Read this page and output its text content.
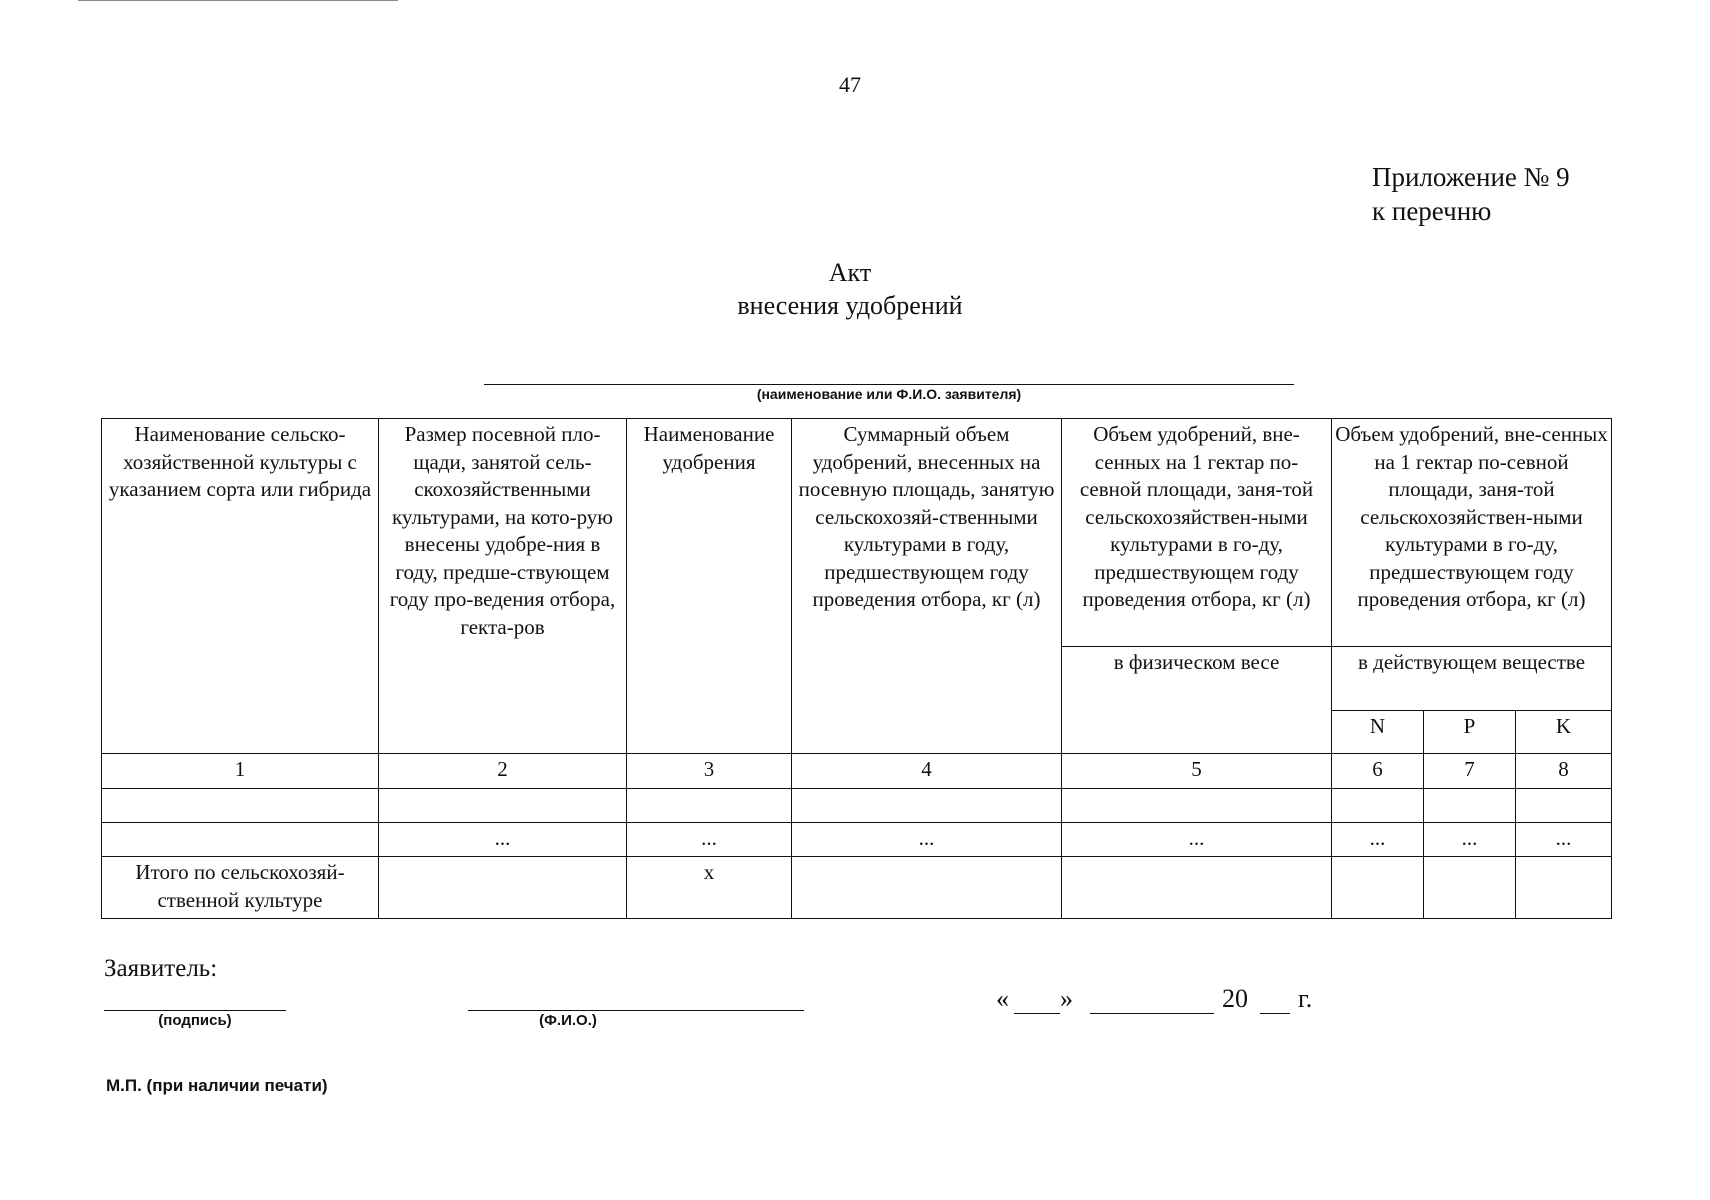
47
Приложение № 9
к перечню
Акт
внесения удобрений
(наименование или Ф.И.О. заявителя)
Наименование сельско-хозяйственной культуры с указанием сорта или гибрида	Размер посевной пло-щади, занятой сель-скохозяйственными культурами, на кото-рую внесены удобре-ния в году, предше-ствующем году про-ведения отбора, гекта-ров	Наименование удобрения	Суммарный объем удобрений, внесенных на посевную площадь, занятую сельскохозяй-ственными культурами в году, предшествующем году проведения отбора, кг (л)	Объем удобрений, вне-сенных на 1 гектар по-севной площади, заня-той сельскохозяйствен-ными культурами в го-ду, предшествующем году проведения отбора, кг (л)	Объем удобрений, вне-сенных на 1 гектар по-севной площади, заня-той сельскохозяйствен-ными культурами в го-ду, предшествующем году проведения отбора, кг (л)		
				в физическом весе	в действующем веществе		
					N	P	K
1	2	3	4	5	6	7	8

	...	...	...	...	...	...	...
Итого по сельскохозяй-ственной культуре		x					
Заявитель:
(подпись)	(Ф.И.О.)
« »	20 г.
М.П. (при наличии печати)
